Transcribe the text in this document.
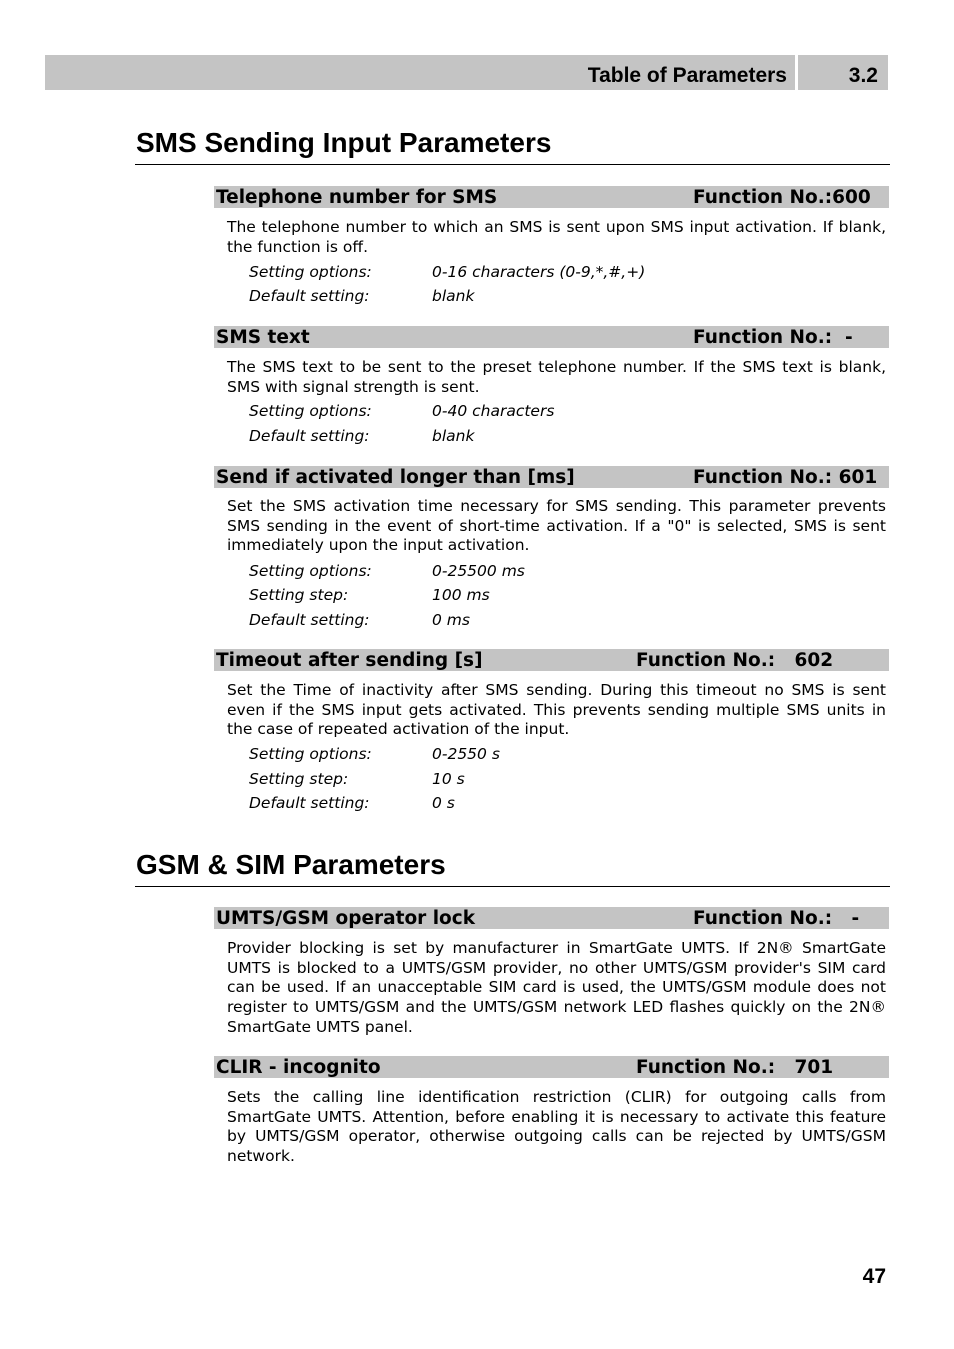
Table of Parameters	3.2
SMS Sending Input Parameters
Telephone number for SMS	Function No.:600
The telephone number to which an SMS is sent upon SMS input activation. If blank, the function is off.
Setting options:	0-16 characters (0-9,*,#,+)
Default setting:	blank
SMS text	Function No.:  -
The SMS text to be sent to the preset telephone number. If the SMS text is blank, SMS with signal strength is sent.
Setting options:	0-40 characters
Default setting:	blank
Send if activated longer than [ms]	Function No.: 601
Set the SMS activation time necessary for SMS sending. This parameter prevents SMS sending in the event of short-time activation. If a "0" is selected, SMS is sent immediately upon the input activation.
Setting options:	0-25500 ms
Setting step:	100 ms
Default setting:	0 ms
Timeout after sending [s]	Function No.:   602
Set the Time of inactivity after SMS sending. During this timeout no SMS is sent even if the SMS input gets activated. This prevents sending multiple SMS units in the case of repeated activation of the input.
Setting options:	0-2550 s
Setting step:	10 s
Default setting:	0 s
GSM & SIM Parameters
UMTS/GSM operator lock	Function No.:   -
Provider blocking is set by manufacturer in SmartGate UMTS. If 2N® SmartGate UMTS is blocked to a UMTS/GSM provider, no other UMTS/GSM provider's SIM card can be used. If an unacceptable SIM card is used, the UMTS/GSM module does not register to UMTS/GSM and the UMTS/GSM network LED flashes quickly on the 2N® SmartGate UMTS panel.
CLIR - incognito	Function No.:   701
Sets the calling line identification restriction (CLIR) for outgoing calls from SmartGate UMTS. Attention, before enabling it is necessary to activate this feature by UMTS/GSM operator, otherwise outgoing calls can be rejected by UMTS/GSM network.
47
